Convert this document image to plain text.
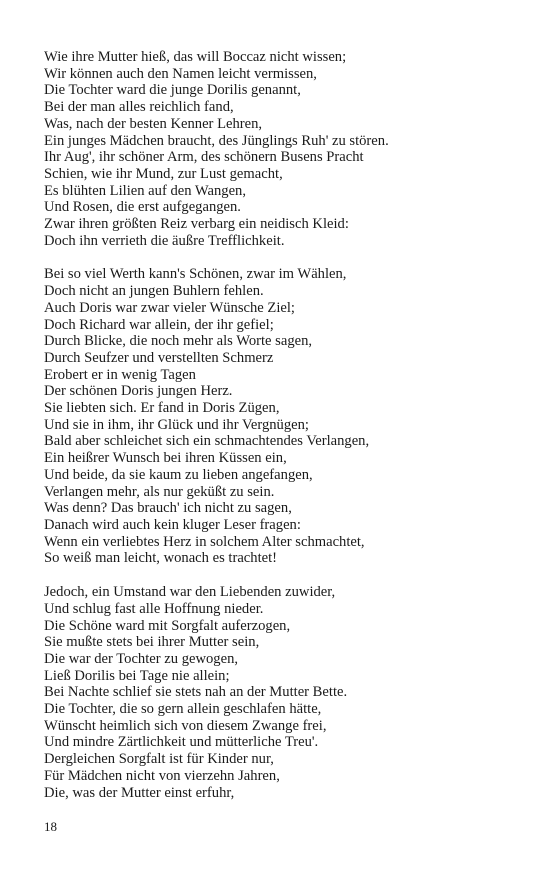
Wie ihre Mutter hieß, das will Boccaz nicht wissen;
Wir können auch den Namen leicht vermissen,
Die Tochter ward die junge Dorilis genannt,
Bei der man alles reichlich fand,
Was, nach der besten Kenner Lehren,
Ein junges Mädchen braucht, des Jünglings Ruh' zu stören.
Ihr Aug', ihr schöner Arm, des schönern Busens Pracht
Schien, wie ihr Mund, zur Lust gemacht,
Es blühten Lilien auf den Wangen,
Und Rosen, die erst aufgegangen.
Zwar ihren größten Reiz verbarg ein neidisch Kleid:
Doch ihn verrieth die äußre Trefflichkeit.
Bei so viel Werth kann's Schönen, zwar im Wählen,
Doch nicht an jungen Buhlern fehlen.
Auch Doris war zwar vieler Wünsche Ziel;
Doch Richard war allein, der ihr gefiel;
Durch Blicke, die noch mehr als Worte sagen,
Durch Seufzer und verstellten Schmerz
Erobert er in wenig Tagen
Der schönen Doris jungen Herz.
Sie liebten sich. Er fand in Doris Zügen,
Und sie in ihm, ihr Glück und ihr Vergnügen;
Bald aber schleichet sich ein schmachtendes Verlangen,
Ein heißrer Wunsch bei ihren Küssen ein,
Und beide, da sie kaum zu lieben angefangen,
Verlangen mehr, als nur geküßt zu sein.
Was denn? Das brauch' ich nicht zu sagen,
Danach wird auch kein kluger Leser fragen:
Wenn ein verliebtes Herz in solchem Alter schmachtet,
So weiß man leicht, wonach es trachtet!
Jedoch, ein Umstand war den Liebenden zuwider,
Und schlug fast alle Hoffnung nieder.
Die Schöne ward mit Sorgfalt auferzogen,
Sie mußte stets bei ihrer Mutter sein,
Die war der Tochter zu gewogen,
Ließ Dorilis bei Tage nie allein;
Bei Nachte schlief sie stets nah an der Mutter Bette.
Die Tochter, die so gern allein geschlafen hätte,
Wünscht heimlich sich von diesem Zwange frei,
Und mindre Zärtlichkeit und mütterliche Treu'.
Dergleichen Sorgfalt ist für Kinder nur,
Für Mädchen nicht von vierzehn Jahren,
Die, was der Mutter einst erfuhr,
18
